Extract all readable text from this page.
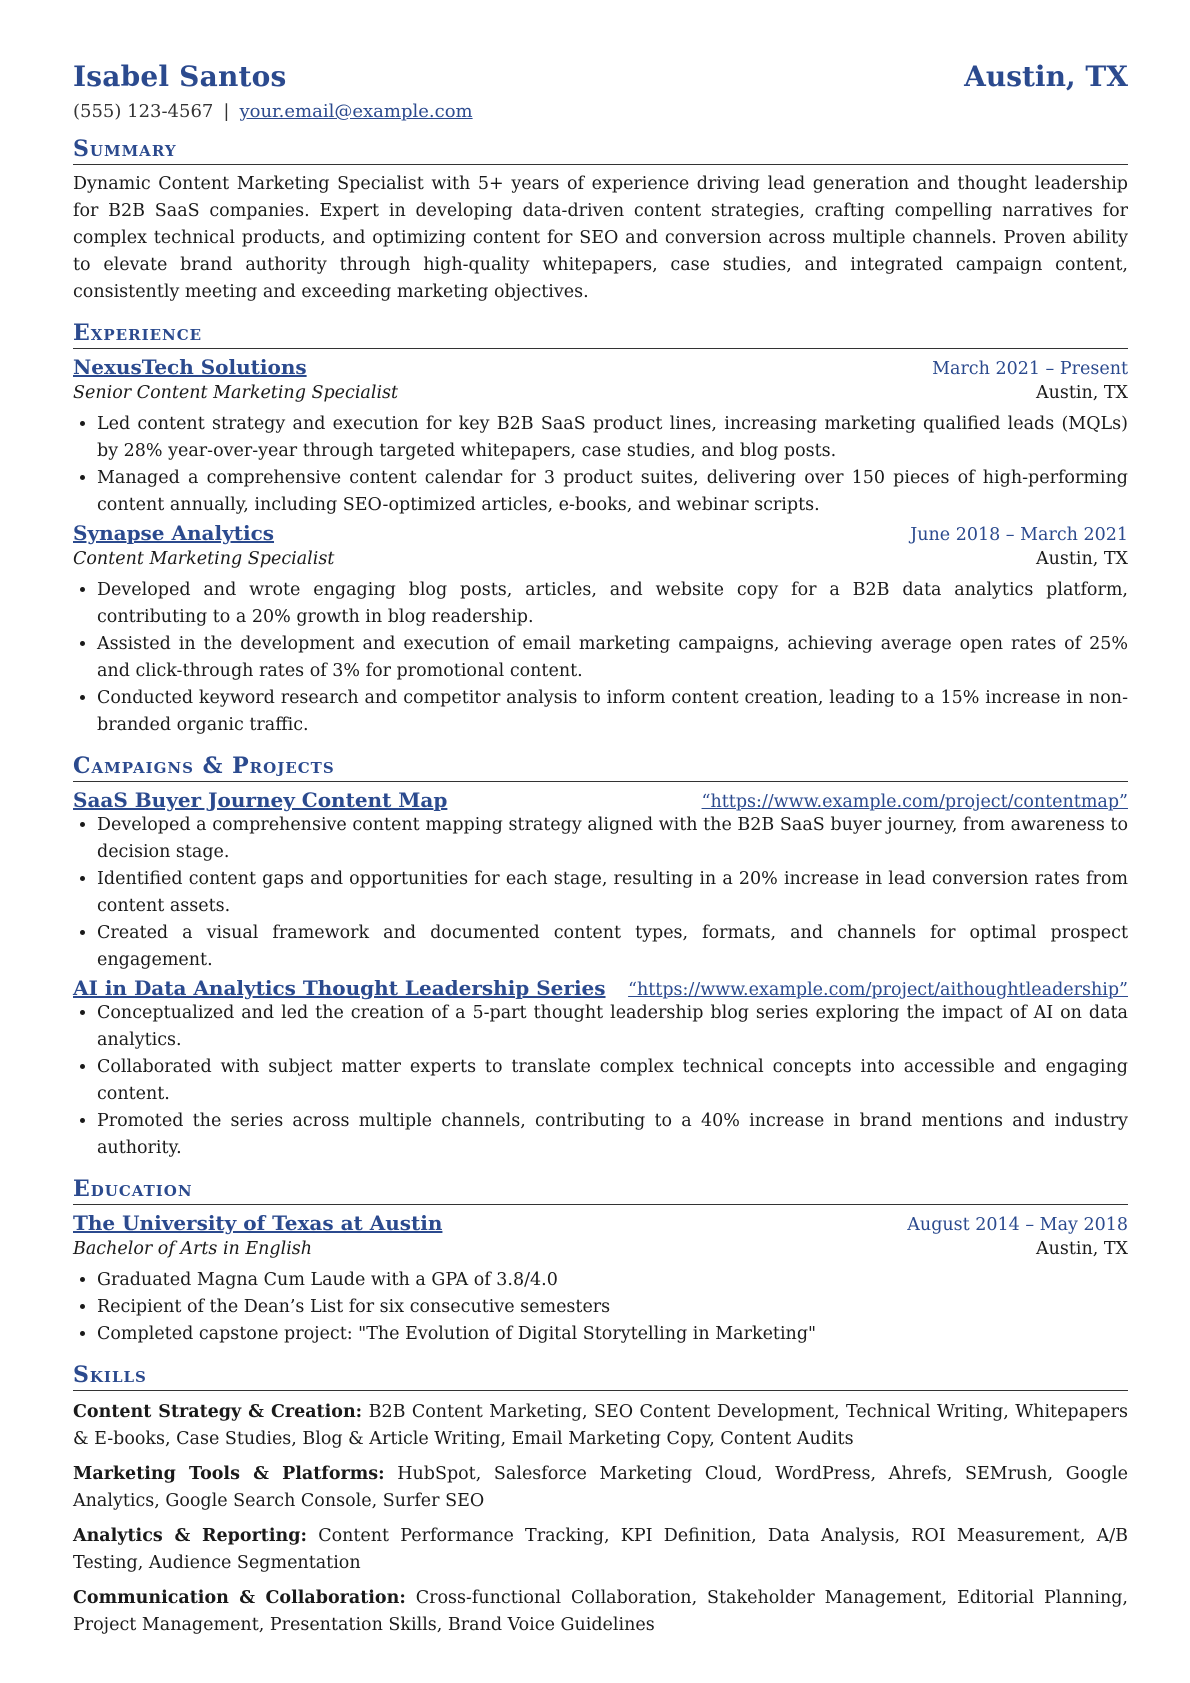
Isabel Santos	Austin, TX
(555) 123-4567 | your.email@example.com
Summary

Dynamic Content Marketing Specialist with 5+ years of experience driving lead generation and thought leadership for B2B SaaS companies. Expert in developing data-driven content strategies, crafting compelling narratives for complex technical products, and optimizing content for SEO and conversion across multiple channels. Proven ability to elevate brand authority through high-quality whitepapers, case studies, and integrated campaign content, consistently meeting and exceeding marketing objectives.

Experience
NexusTech Solutions	March 2021 – Present
Senior Content Marketing Specialist	Austin, TX
• Led content strategy and execution for key B2B SaaS product lines, increasing marketing qualified leads (MQLs) by 28% year-over-year through targeted whitepapers, case studies, and blog posts.
• Managed a comprehensive content calendar for 3 product suites, delivering over 150 pieces of high-performing content annually, including SEO-optimized articles, e-books, and webinar scripts.
Synapse Analytics	June 2018 – March 2021
Content Marketing Specialist	Austin, TX
• Developed and wrote engaging blog posts, articles, and website copy for a B2B data analytics platform, contributing to a 20% growth in blog readership.
• Assisted in the development and execution of email marketing campaigns, achieving average open rates of 25% and click-through rates of 3% for promotional content.
• Conducted keyword research and competitor analysis to inform content creation, leading to a 15% increase in non-branded organic traffic.
Campaigns & Projects
SaaS Buyer Journey Content Map	“https://www.example.com/project/contentmap”
• Developed a comprehensive content mapping strategy aligned with the B2B SaaS buyer journey, from awareness to decision stage.
• Identified content gaps and opportunities for each stage, resulting in a 20% increase in lead conversion rates from content assets.
• Created a visual framework and documented content types, formats, and channels for optimal prospect engagement.
AI in Data Analytics Thought Leadership Series “https://www.example.com/project/aithoughtleadership”
• Conceptualized and led the creation of a 5-part thought leadership blog series exploring the impact of AI on data analytics.
• Collaborated with subject matter experts to translate complex technical concepts into accessible and engaging content.
• Promoted the series across multiple channels, contributing to a 40% increase in brand mentions and industry authority.
Education
The University of Texas at Austin	August 2014 – May 2018
Bachelor of Arts in English	Austin, TX
• Graduated Magna Cum Laude with a GPA of 3.8/4.0
• Recipient of the Dean’s List for six consecutive semesters
• Completed capstone project: "The Evolution of Digital Storytelling in Marketing"
Skills

Content Strategy & Creation: B2B Content Marketing, SEO Content Development, Technical Writing, Whitepapers & E-books, Case Studies, Blog & Article Writing, Email Marketing Copy, Content Audits

Marketing Tools & Platforms: HubSpot, Salesforce Marketing Cloud, WordPress, Ahrefs, SEMrush, Google Analytics, Google Search Console, Surfer SEO

Analytics & Reporting: Content Performance Tracking, KPI Definition, Data Analysis, ROI Measurement, A/B Testing, Audience Segmentation

Communication & Collaboration: Cross-functional Collaboration, Stakeholder Management, Editorial Planning, Project Management, Presentation Skills, Brand Voice Guidelines
